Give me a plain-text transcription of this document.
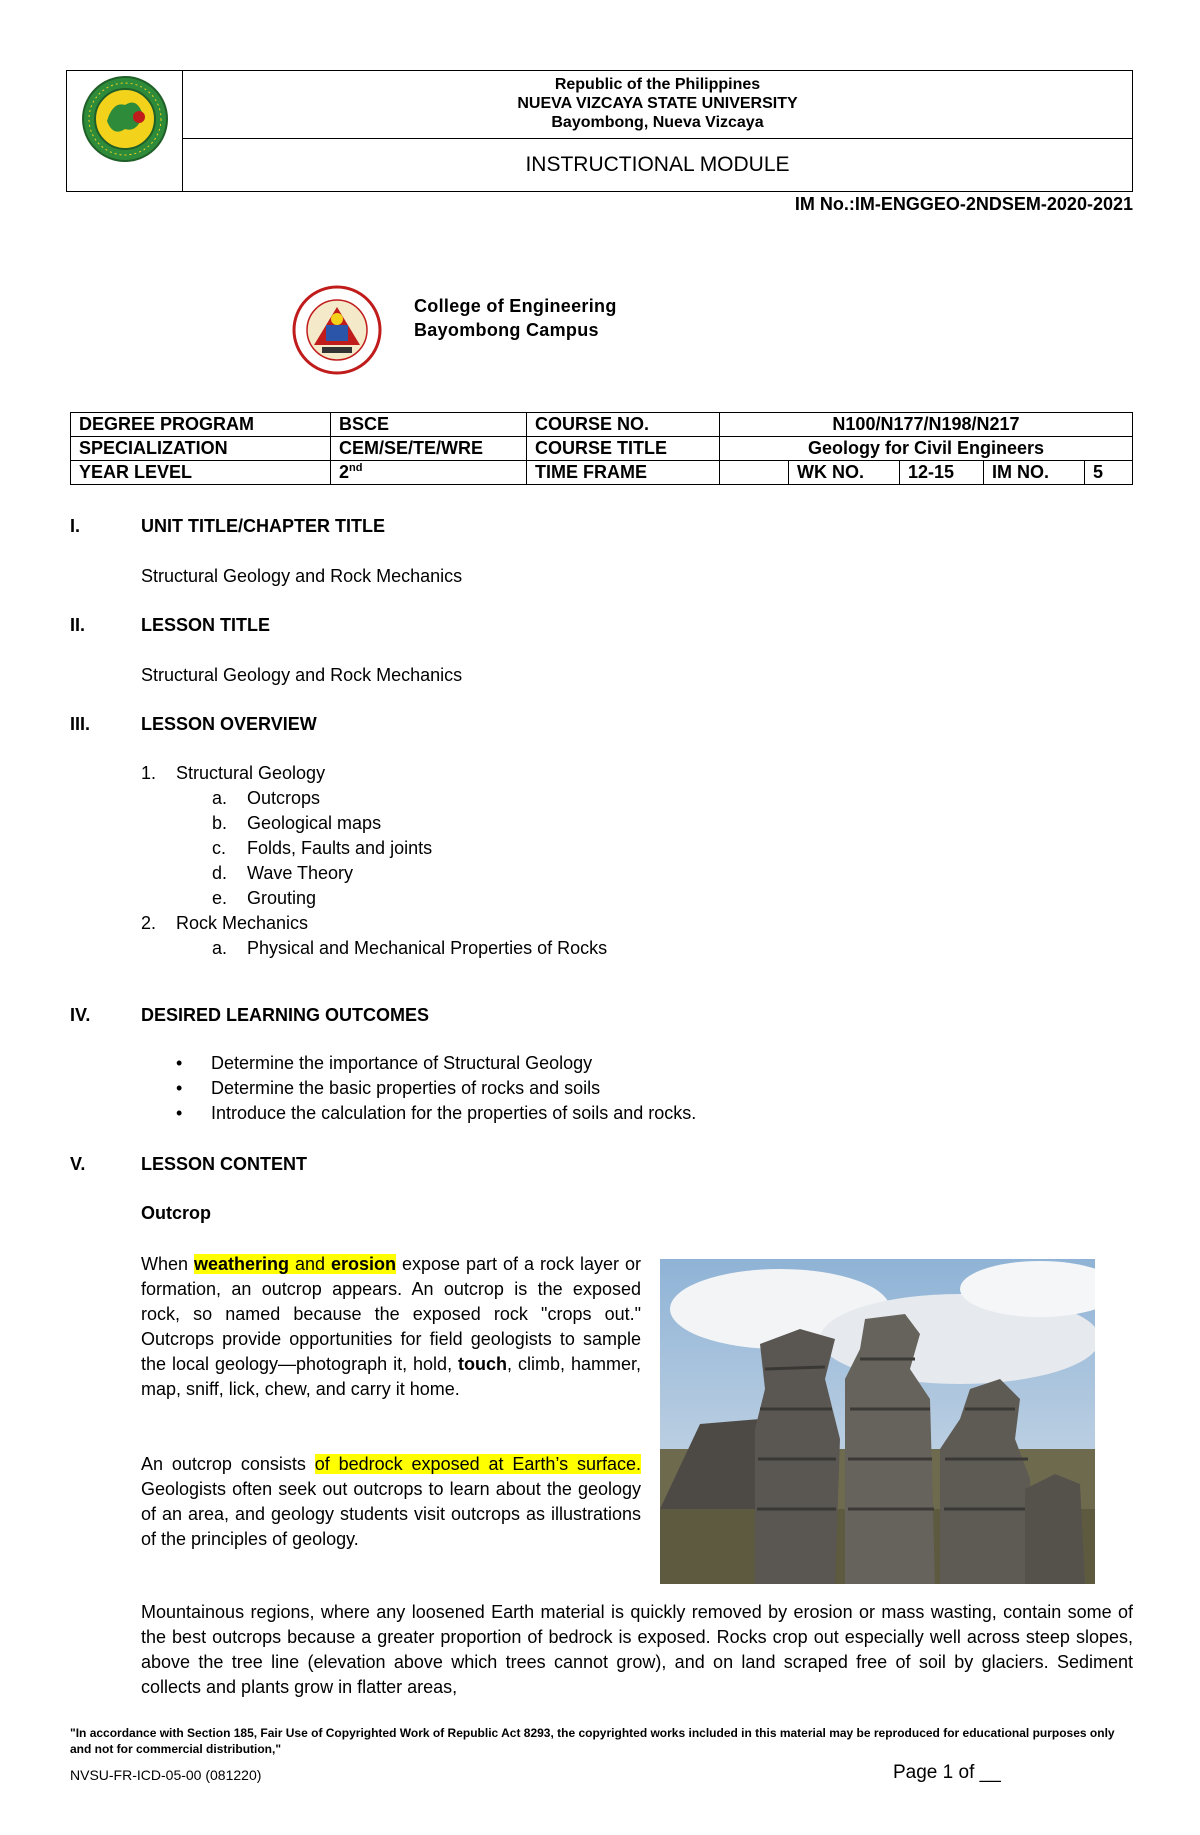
Republic of the Philippines
NUEVA VIZCAYA STATE UNIVERSITY
Bayombong, Nueva Vizcaya
INSTRUCTIONAL MODULE
IM No.:IM-ENGGEO-2NDSEM-2020-2021
College of Engineering
Bayombong Campus
DEGREE PROGRAM	BSCE	COURSE NO.	N100/N177/N198/N217
SPECIALIZATION	CEM/SE/TE/WRE	COURSE TITLE	Geology for Civil Engineers
YEAR LEVEL	2nd	TIME FRAME		WK NO.	12-15	IM NO.	5
I.	UNIT TITLE/CHAPTER TITLE
Structural Geology and Rock Mechanics
II.	LESSON TITLE
Structural Geology and Rock Mechanics
III.	LESSON OVERVIEW
1. Structural Geology
a. Outcrops
b. Geological maps
c. Folds, Faults and joints
d. Wave Theory
e. Grouting
2. Rock Mechanics
a. Physical and Mechanical Properties of Rocks
IV.	DESIRED LEARNING OUTCOMES
• Determine the importance of Structural Geology
• Determine the basic properties of rocks and soils
• Introduce the calculation for the properties of soils and rocks.
V.	LESSON CONTENT
Outcrop
When weathering and erosion expose part of a rock layer or formation, an outcrop appears. An outcrop is the exposed rock, so named because the exposed rock "crops out." Outcrops provide opportunities for field geologists to sample the local geology—photograph it, hold, touch, climb, hammer, map, sniff, lick, chew, and carry it home.
An outcrop consists of bedrock exposed at Earth’s surface. Geologists often seek out outcrops to learn about the geology of an area, and geology students visit outcrops as illustrations of the principles of geology.
Mountainous regions, where any loosened Earth material is quickly removed by erosion or mass wasting, contain some of the best outcrops because a greater proportion of bedrock is exposed. Rocks crop out especially well across steep slopes, above the tree line (elevation above which trees cannot grow), and on land scraped free of soil by glaciers. Sediment collects and plants grow in flatter areas,
"In accordance with Section 185, Fair Use of Copyrighted Work of Republic Act 8293, the copyrighted works included in this material may be reproduced for educational purposes only and not for commercial distribution,"
NVSU-FR-ICD-05-00 (081220)	Page 1 of __
